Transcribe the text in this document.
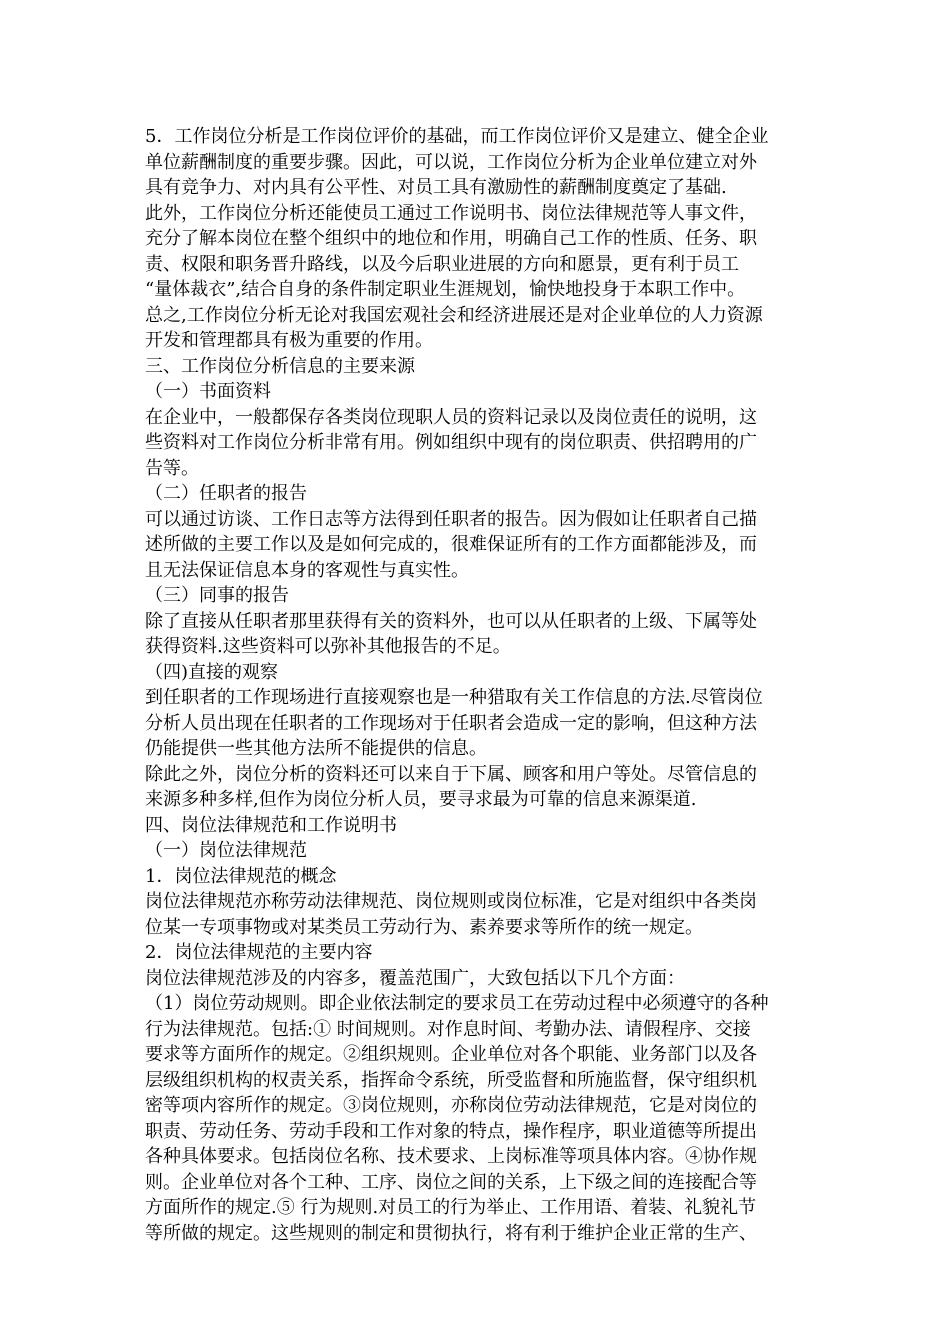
5．工作岗位分析是工作岗位评价的基础，而工作岗位评价又是建立、健全企业

单位薪酬制度的重要步骤。因此，可以说，工作岗位分析为企业单位建立对外

具有竞争力、对内具有公平性、对员工具有激励性的薪酬制度奠定了基础.

此外，工作岗位分析还能使员工通过工作说明书、岗位法律规范等人事文件，

充分了解本岗位在整个组织中的地位和作用，明确自己工作的性质、任务、职

责、权限和职务晋升路线，以及今后职业进展的方向和愿景，更有利于员工

“量体裁衣”,结合自身的条件制定职业生涯规划，愉快地投身于本职工作中。

总之,工作岗位分析无论对我国宏观社会和经济进展还是对企业单位的人力资源

开发和管理都具有极为重要的作用。

三、工作岗位分析信息的主要来源

（一）书面资料

在企业中，一般都保存各类岗位现职人员的资料记录以及岗位责任的说明，这

些资料对工作岗位分析非常有用。例如组织中现有的岗位职责、供招聘用的广

告等。

（二）任职者的报告

可以通过访谈、工作日志等方法得到任职者的报告。因为假如让任职者自己描

述所做的主要工作以及是如何完成的，很难保证所有的工作方面都能涉及，而

且无法保证信息本身的客观性与真实性。

（三）同事的报告

除了直接从任职者那里获得有关的资料外，也可以从任职者的上级、下属等处

获得资料.这些资料可以弥补其他报告的不足。

（四)直接的观察

到任职者的工作现场进行直接观察也是一种猎取有关工作信息的方法.尽管岗位

分析人员出现在任职者的工作现场对于任职者会造成一定的影响，但这种方法

仍能提供一些其他方法所不能提供的信息。

除此之外，岗位分析的资料还可以来自于下属、顾客和用户等处。尽管信息的

来源多种多样,但作为岗位分析人员，要寻求最为可靠的信息来源渠道.

四、岗位法律规范和工作说明书

（一）岗位法律规范

1．岗位法律规范的概念

岗位法律规范亦称劳动法律规范、岗位规则或岗位标准，它是对组织中各类岗

位某一专项事物或对某类员工劳动行为、素养要求等所作的统一规定。

2．岗位法律规范的主要内容

岗位法律规范涉及的内容多，覆盖范围广，大致包括以下几个方面：

（1）岗位劳动规则。即企业依法制定的要求员工在劳动过程中必须遵守的各种

行为法律规范。包括:① 时间规则。对作息时间、考勤办法、请假程序、交接

要求等方面所作的规定。②组织规则。企业单位对各个职能、业务部门以及各

层级组织机构的权责关系，指挥命令系统，所受监督和所施监督，保守组织机

密等项内容所作的规定。③岗位规则，亦称岗位劳动法律规范，它是对岗位的

职责、劳动任务、劳动手段和工作对象的特点，操作程序，职业道德等所提出

各种具体要求。包括岗位名称、技术要求、上岗标准等项具体内容。④协作规

则。企业单位对各个工种、工序、岗位之间的关系，上下级之间的连接配合等

方面所作的规定.⑤ 行为规则.对员工的行为举止、工作用语、着装、礼貌礼节

等所做的规定。这些规则的制定和贯彻执行，将有利于维护企业正常的生产、
